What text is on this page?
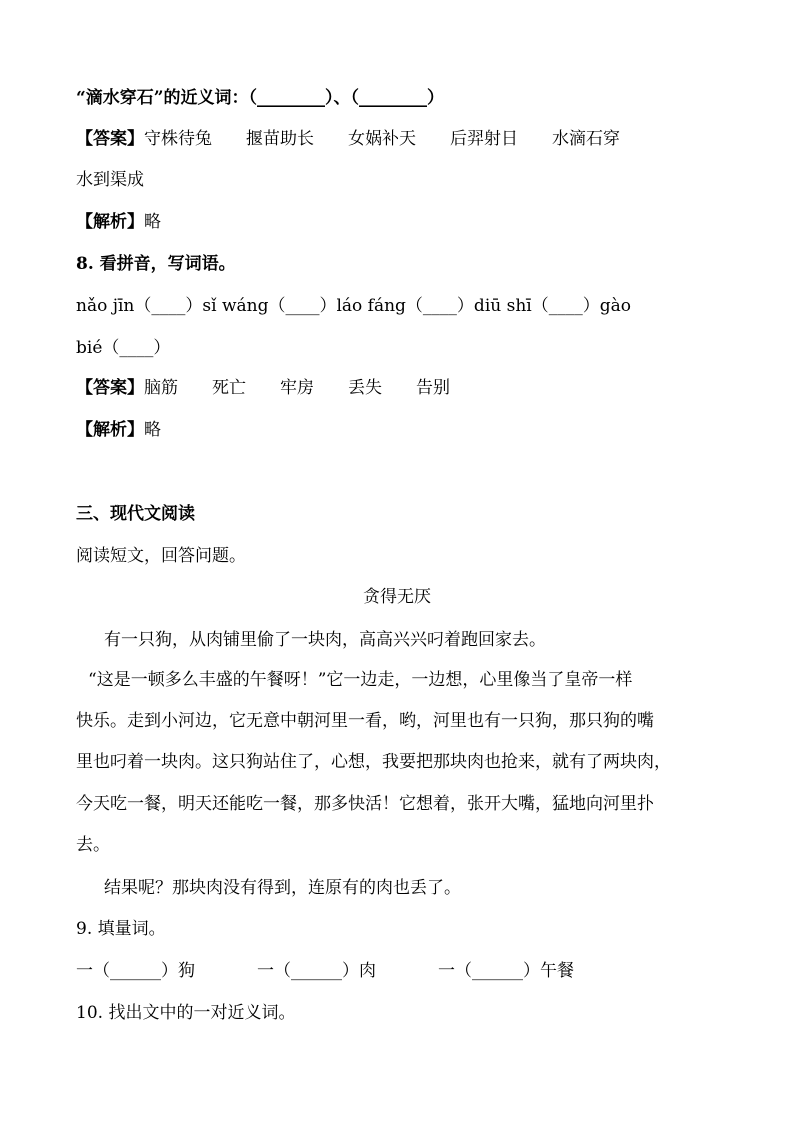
“滴水穿石”的近义词：（________）、（________）
【答案】守株待兔 揠苗助长 女娲补天 后羿射日 水滴石穿
水到渠成
【解析】略
8. 看拼音，写词语。
nǎo jīn（____）sǐ wáng（____）láo fáng（____）diū shī（____）gào
bié（____）
【答案】脑筋 死亡 牢房 丢失 告别
【解析】略
三、现代文阅读
阅读短文，回答问题。
贪得无厌
有一只狗，从肉铺里偷了一块肉，高高兴兴叼着跑回家去。
“这是一顿多么丰盛的午餐呀！”它一边走，一边想，心里像当了皇帝一样
快乐。走到小河边，它无意中朝河里一看，哟，河里也有一只狗，那只狗的嘴
里也叼着一块肉。这只狗站住了，心想，我要把那块肉也抢来，就有了两块肉，
今天吃一餐，明天还能吃一餐，那多快活！它想着，张开大嘴，猛地向河里扑
去。
结果呢？那块肉没有得到，连原有的肉也丢了。
9. 填量词。
一（______）狗	一（______）肉	一（______）午餐
10. 找出文中的一对近义词。
